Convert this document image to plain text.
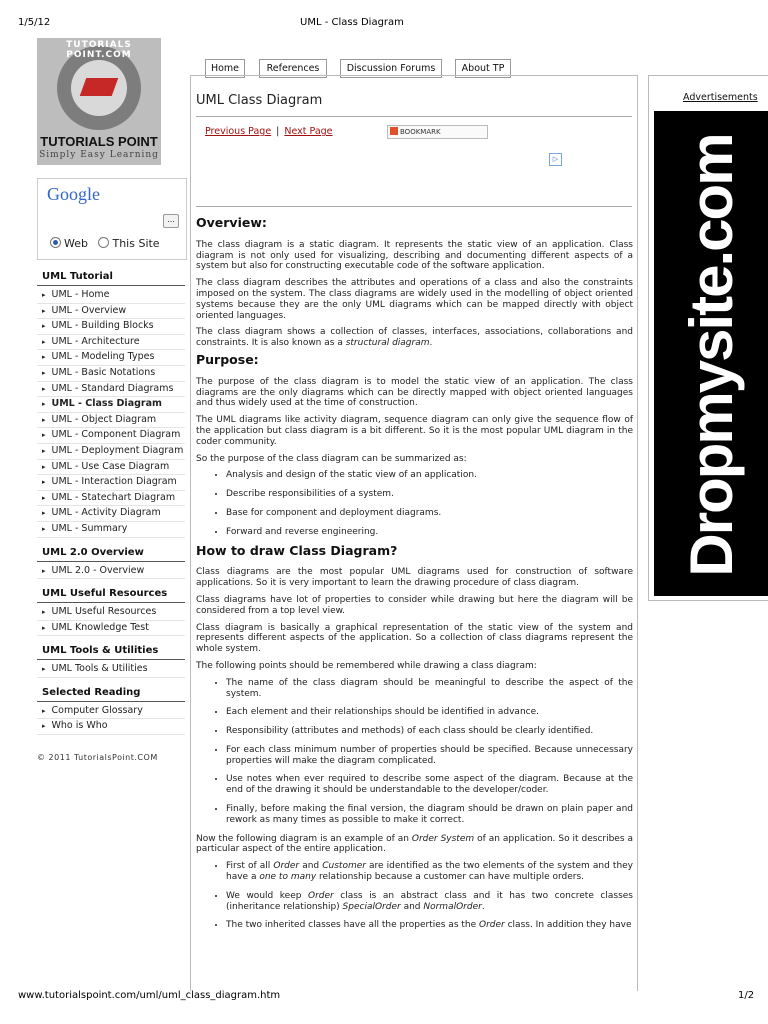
1/5/12	UML - Class Diagram
www.tutorialspoint.com/uml/uml_class_diagram.htm	1/2
TUTORIALS POINT.COM
TUTORIALS POINT
Simply Easy Learning
Google
...
Web This Site
UML Tutorial
▸ UML - Home
▸ UML - Overview
▸ UML - Building Blocks
▸ UML - Architecture
▸ UML - Modeling Types
▸ UML - Basic Notations
▸ UML - Standard Diagrams
▸ UML - Class Diagram
▸ UML - Object Diagram
▸ UML - Component Diagram
▸ UML - Deployment Diagram
▸ UML - Use Case Diagram
▸ UML - Interaction Diagram
▸ UML - Statechart Diagram
▸ UML - Activity Diagram
▸ UML - Summary
UML 2.0 Overview
▸ UML 2.0 - Overview
UML Useful Resources
▸ UML Useful Resources
▸ UML Knowledge Test
UML Tools & Utilities
▸ UML Tools & Utilities
Selected Reading
▸ Computer Glossary
▸ Who is Who
© 2011 TutorialsPoint.COM
Home	References	Discussion Forums	About TP
UML Class Diagram
Previous Page | Next Page	BOOKMARK
▷
Overview:

The class diagram is a static diagram. It represents the static view of an application. Class diagram is not only used for visualizing, describing and documenting different aspects of a system but also for constructing executable code of the software application.

The class diagram describes the attributes and operations of a class and also the constraints imposed on the system. The class diagrams are widely used in the modelling of object oriented systems because they are the only UML diagrams which can be mapped directly with object oriented languages.

The class diagram shows a collection of classes, interfaces, associations, collaborations and constraints. It is also known as a structural diagram.

Purpose:

The purpose of the class diagram is to model the static view of an application. The class diagrams are the only diagrams which can be directly mapped with object oriented languages and thus widely used at the time of construction.

The UML diagrams like activity diagram, sequence diagram can only give the sequence flow of the application but class diagram is a bit different. So it is the most popular UML diagram in the coder community.

So the purpose of the class diagram can be summarized as:

• Analysis and design of the static view of an application.
• Describe responsibilities of a system.
• Base for component and deployment diagrams.
• Forward and reverse engineering.
How to draw Class Diagram?

Class diagrams are the most popular UML diagrams used for construction of software applications. So it is very important to learn the drawing procedure of class diagram.

Class diagrams have lot of properties to consider while drawing but here the diagram will be considered from a top level view.

Class diagram is basically a graphical representation of the static view of the system and represents different aspects of the application. So a collection of class diagrams represent the whole system.

The following points should be remembered while drawing a class diagram:

• The name of the class diagram should be meaningful to describe the aspect of the system.
• Each element and their relationships should be identified in advance.
• Responsibility (attributes and methods) of each class should be clearly identified.
• For each class minimum number of properties should be specified. Because unnecessary properties will make the diagram complicated.
• Use notes when ever required to describe some aspect of the diagram. Because at the end of the drawing it should be understandable to the developer/coder.
• Finally, before making the final version, the diagram should be drawn on plain paper and rework as many times as possible to make it correct.

Now the following diagram is an example of an Order System of an application. So it describes a particular aspect of the entire application.

• First of all Order and Customer are identified as the two elements of the system and they have a one to many relationship because a customer can have multiple orders.
• We would keep Order class is an abstract class and it has two concrete classes (inheritance relationship) SpecialOrder and NormalOrder.
• The two inherited classes have all the properties as the Order class. In addition they have
Advertisements
Dropmysite.com
